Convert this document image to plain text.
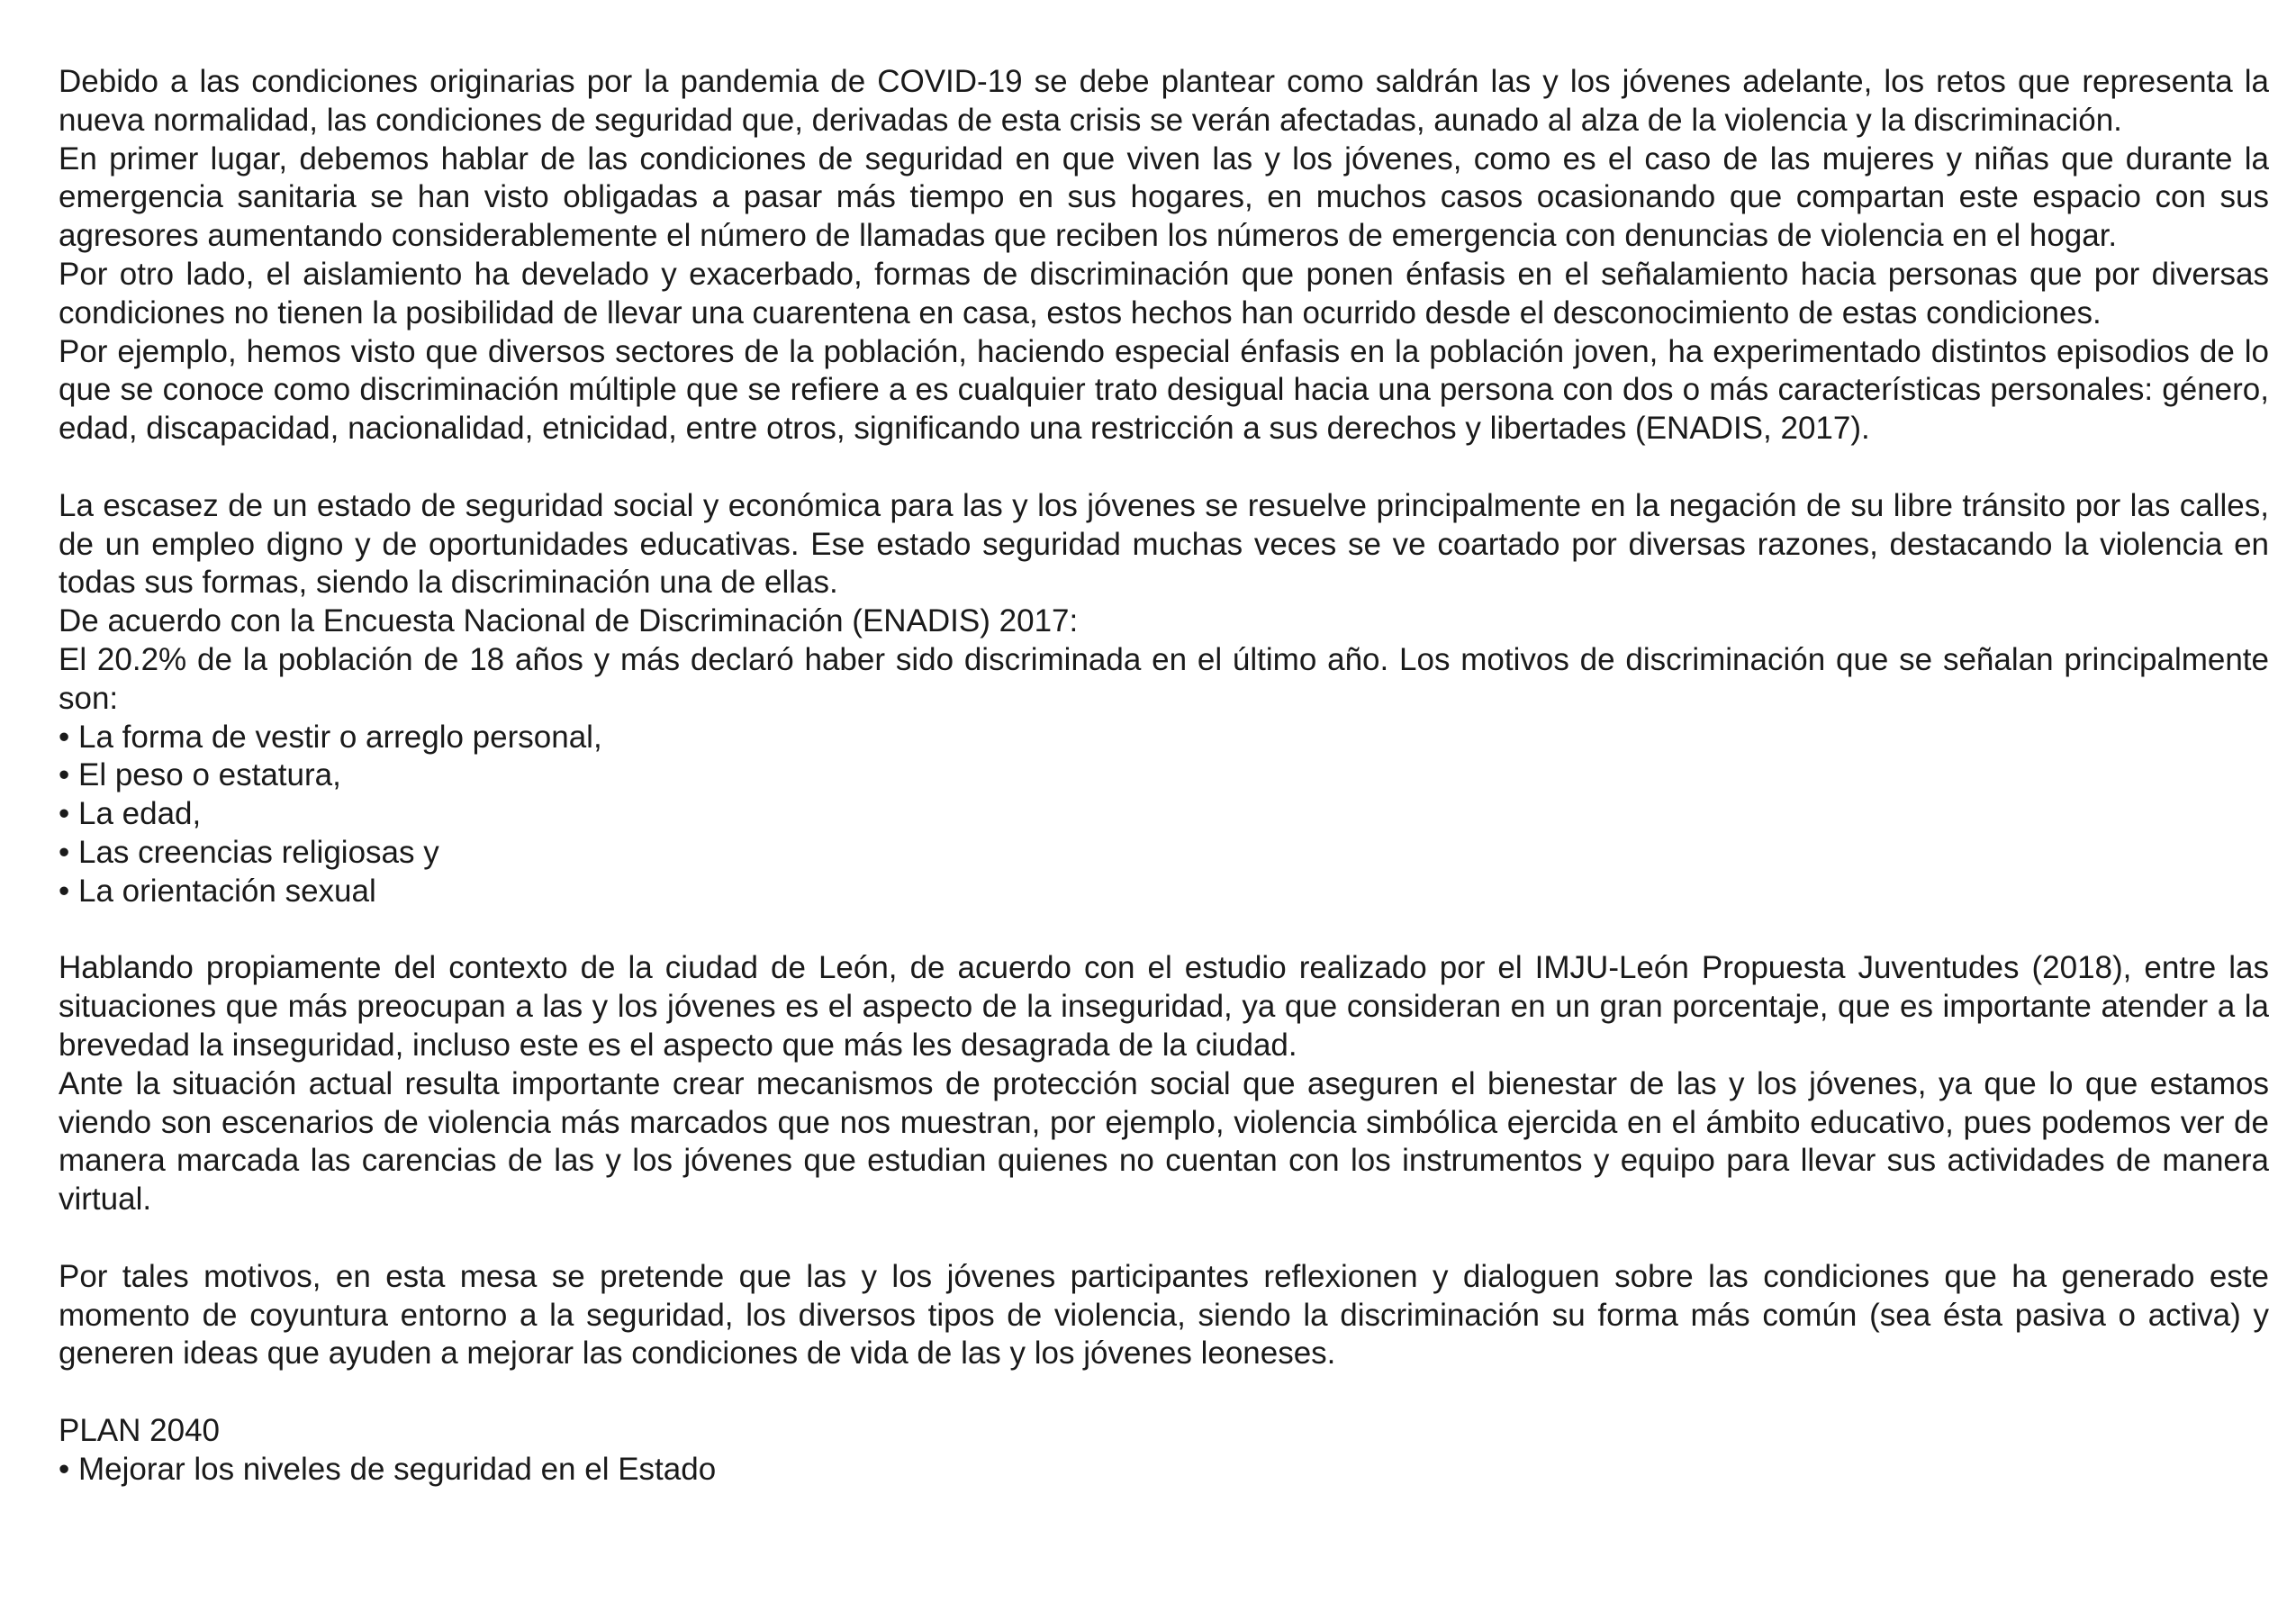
Debido a las condiciones originarias por la pandemia de COVID-19 se debe plantear como saldrán las y los jóvenes adelante, los retos que representa la nueva normalidad, las condiciones de seguridad que, derivadas de esta crisis se verán afectadas, aunado al alza de la violencia y la discriminación.

En primer lugar, debemos hablar de las condiciones de seguridad en que viven las y los jóvenes, como es el caso de las mujeres y niñas que durante la emergencia sanitaria se han visto obligadas a pasar más tiempo en sus hogares, en muchos casos ocasionando que compartan este espacio con sus agresores aumentando considerablemente el número de llamadas que reciben los números de emergencia con denuncias de violencia en el hogar.

Por otro lado, el aislamiento ha develado y exacerbado, formas de discriminación que ponen énfasis en el señalamiento hacia personas que por diversas condiciones no tienen la posibilidad de llevar una cuarentena en casa, estos hechos han ocurrido desde el desconocimiento de estas condiciones.

Por ejemplo, hemos visto que diversos sectores de la población, haciendo especial énfasis en la población joven, ha experimentado distintos episodios de lo que se conoce como discriminación múltiple que se refiere a es cualquier trato desigual hacia una persona con dos o más características personales: género, edad, discapacidad, nacionalidad, etnicidad, entre otros, significando una restricción a sus derechos y libertades (ENADIS, 2017).

La escasez de un estado de seguridad social y económica para las y los jóvenes se resuelve principalmente en la negación de su libre tránsito por las calles, de un empleo digno y de oportunidades educativas. Ese estado seguridad muchas veces se ve coartado por diversas razones, destacando la violencia en todas sus formas, siendo la discriminación una de ellas.

De acuerdo con la Encuesta Nacional de Discriminación (ENADIS) 2017:

El 20.2% de la población de 18 años y más declaró haber sido discriminada en el último año. Los motivos de discriminación que se señalan principalmente son:

• La forma de vestir o arreglo personal,

• El peso o estatura,

• La edad,

• Las creencias religiosas y

• La orientación sexual

Hablando propiamente del contexto de la ciudad de León, de acuerdo con el estudio realizado por el IMJU-León Propuesta Juventudes (2018), entre las situaciones que más preocupan a las y los jóvenes es el aspecto de la inseguridad, ya que consideran en un gran porcentaje, que es importante atender a la brevedad la inseguridad, incluso este es el aspecto que más les desagrada de la ciudad.

Ante la situación actual resulta importante crear mecanismos de protección social que aseguren el bienestar de las y los jóvenes, ya que lo que estamos viendo son escenarios de violencia más marcados que nos muestran, por ejemplo, violencia simbólica ejercida en el ámbito educativo, pues podemos ver de manera marcada las carencias de las y los jóvenes que estudian quienes no cuentan con los instrumentos y equipo para llevar sus actividades de manera virtual.

Por tales motivos, en esta mesa se pretende que las y los jóvenes participantes reflexionen y dialoguen sobre las condiciones que ha generado este momento de coyuntura entorno a la seguridad, los diversos tipos de violencia, siendo la discriminación su forma más común (sea ésta pasiva o activa) y generen ideas que ayuden a mejorar las condiciones de vida de las y los jóvenes leoneses.

PLAN 2040

• Mejorar los niveles de seguridad en el Estado
